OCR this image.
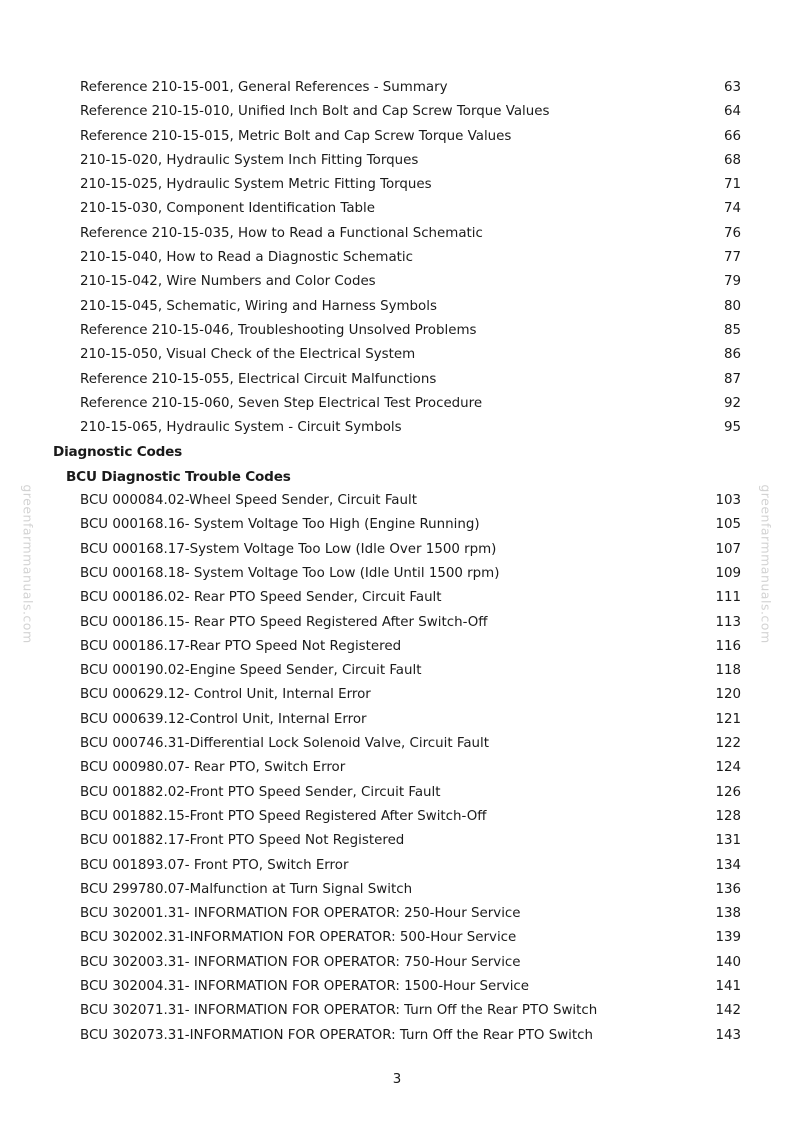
Reference 210-15-001, General References - Summary	63
Reference 210-15-010, Unified Inch Bolt and Cap Screw Torque Values	64
Reference 210-15-015, Metric Bolt and Cap Screw Torque Values	66
210-15-020, Hydraulic System Inch Fitting Torques	68
210-15-025, Hydraulic System Metric Fitting Torques	71
210-15-030, Component Identification Table	74
Reference 210-15-035, How to Read a Functional Schematic	76
210-15-040, How to Read a Diagnostic Schematic	77
210-15-042, Wire Numbers and Color Codes	79
210-15-045, Schematic, Wiring and Harness Symbols	80
Reference 210-15-046, Troubleshooting Unsolved Problems	85
210-15-050, Visual Check of the Electrical System	86
Reference 210-15-055, Electrical Circuit Malfunctions	87
Reference 210-15-060, Seven Step Electrical Test Procedure	92
210-15-065, Hydraulic System - Circuit Symbols	95
Diagnostic Codes
BCU Diagnostic Trouble Codes
BCU 000084.02-Wheel Speed Sender, Circuit Fault	103
BCU 000168.16- System Voltage Too High (Engine Running)	105
BCU 000168.17-System Voltage Too Low (Idle Over 1500 rpm)	107
BCU 000168.18- System Voltage Too Low (Idle Until 1500 rpm)	109
BCU 000186.02- Rear PTO Speed Sender, Circuit Fault	111
BCU 000186.15- Rear PTO Speed Registered After Switch-Off	113
BCU 000186.17-Rear PTO Speed Not Registered	116
BCU 000190.02-Engine Speed Sender, Circuit Fault	118
BCU 000629.12- Control Unit, Internal Error	120
BCU 000639.12-Control Unit, Internal Error	121
BCU 000746.31-Differential Lock Solenoid Valve, Circuit Fault	122
BCU 000980.07- Rear PTO, Switch Error	124
BCU 001882.02-Front PTO Speed Sender, Circuit Fault	126
BCU 001882.15-Front PTO Speed Registered After Switch-Off	128
BCU 001882.17-Front PTO Speed Not Registered	131
BCU 001893.07- Front PTO, Switch Error	134
BCU 299780.07-Malfunction at Turn Signal Switch	136
BCU 302001.31- INFORMATION FOR OPERATOR: 250-Hour Service	138
BCU 302002.31-INFORMATION FOR OPERATOR: 500-Hour Service	139
BCU 302003.31- INFORMATION FOR OPERATOR: 750-Hour Service	140
BCU 302004.31- INFORMATION FOR OPERATOR: 1500-Hour Service	141
BCU 302071.31- INFORMATION FOR OPERATOR: Turn Off the Rear PTO Switch	142
BCU 302073.31-INFORMATION FOR OPERATOR: Turn Off the Rear PTO Switch	143
greenfarmmanuals.com	greenfarmmanuals.com
3
